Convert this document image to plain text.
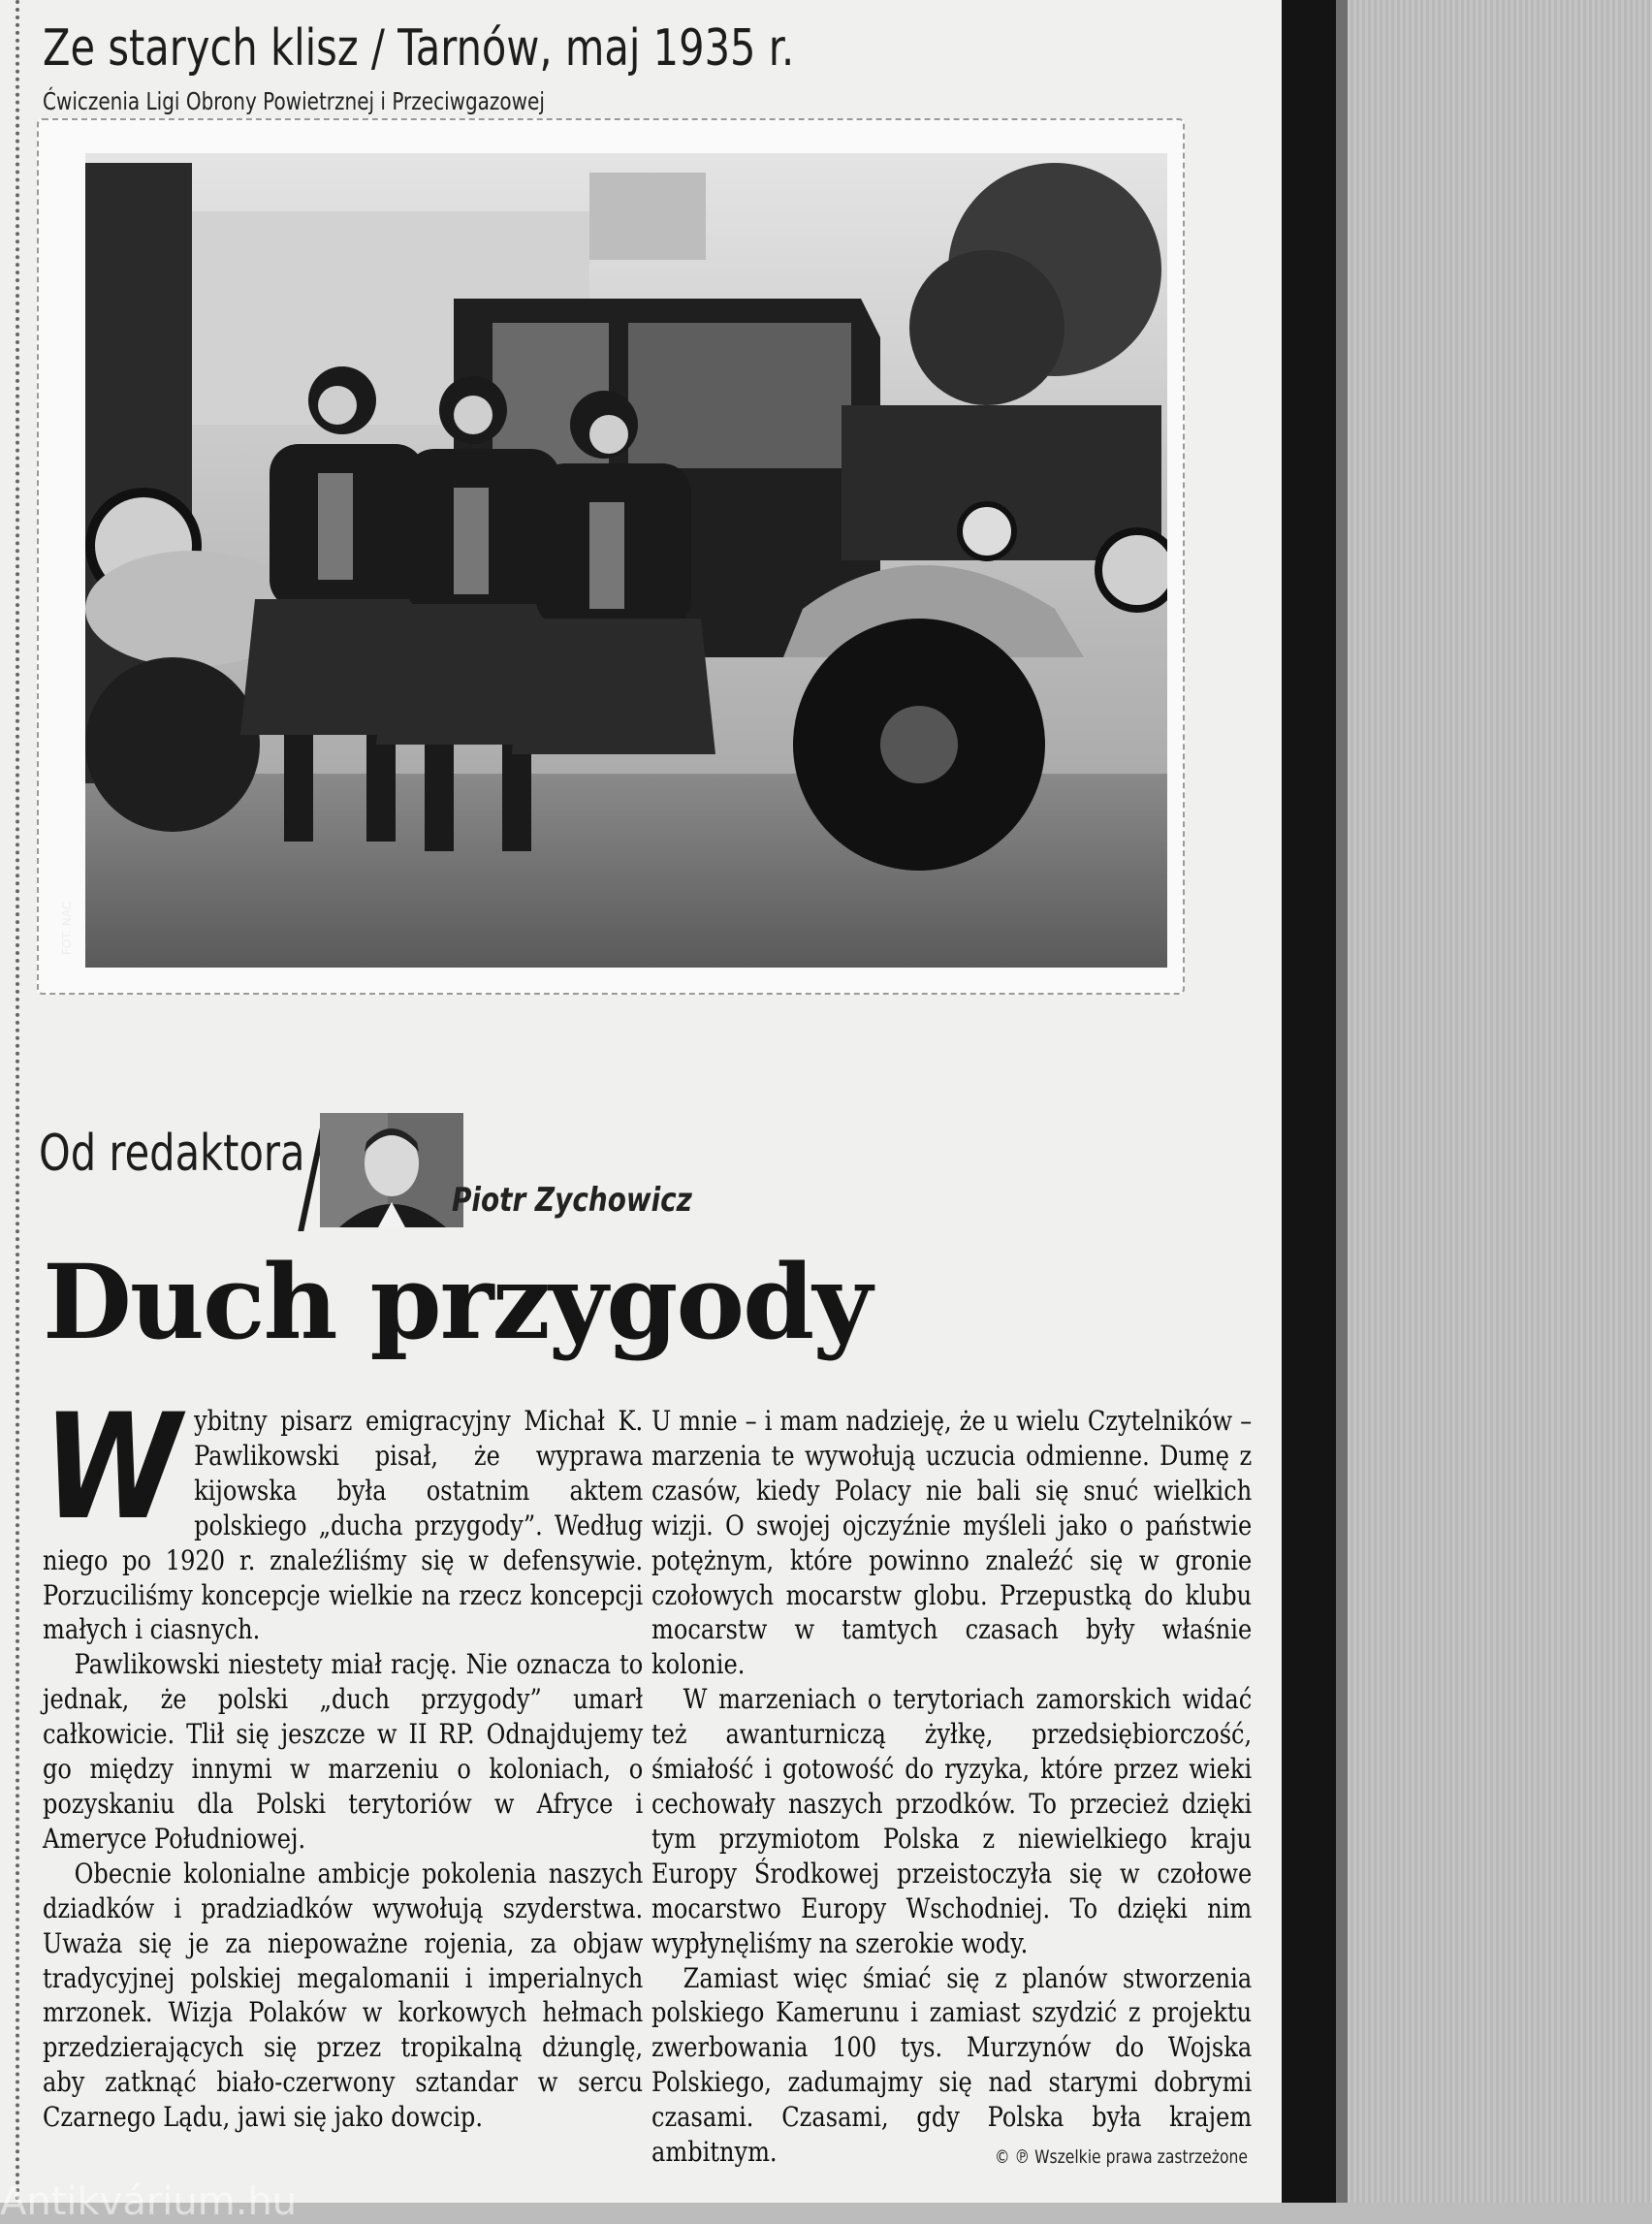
Ze starych klisz / Tarnów, maj 1935 r.
Ćwiczenia Ligi Obrony Powietrznej i Przeciwgazowej
FOT. NAC
Od redaktora
Piotr Zychowicz
Duch przygody

Wybitny pisarz emigracyjny Michał K. Pawlikowski pisał, że wyprawa kijowska była ostatnim aktem polskiego „ducha przygody”. Według niego po 1920 r. znaleźliśmy się w defensywie. Porzuciliśmy koncepcje wielkie na rzecz koncepcji małych i ciasnych.

Pawlikowski niestety miał rację. Nie oznacza to jednak, że polski „duch przygody” umarł całkowicie. Tlił się jeszcze w II RP. Odnajdujemy go między innymi w marzeniu o koloniach, o pozyskaniu dla Polski terytoriów w Afryce i Ameryce Południowej.

Obecnie kolonialne ambicje pokolenia naszych dziadków i pradziadków wywołują szyderstwa. Uważa się je za niepoważne rojenia, za objaw tradycyjnej polskiej megalomanii i imperialnych mrzonek. Wizja Polaków w korkowych hełmach przedzierających się przez tropikalną dżunglę, aby zatknąć biało-czerwony sztandar w sercu Czarnego Lądu, jawi się jako dowcip.

U mnie – i mam nadzieję, że u wielu Czytelników – marzenia te wywołują uczucia odmienne. Dumę z czasów, kiedy Polacy nie bali się snuć wielkich wizji. O swojej ojczyźnie myśleli jako o państwie potężnym, które powinno znaleźć się w gronie czołowych mocarstw globu. Przepustką do klubu mocarstw w tamtych czasach były właśnie kolonie.

W marzeniach o terytoriach zamorskich widać też awanturniczą żyłkę, przedsiębiorczość, śmiałość i gotowość do ryzyka, które przez wieki cechowały naszych przodków. To przecież dzięki tym przymiotom Polska z niewielkiego kraju Europy Środkowej przeistoczyła się w czołowe mocarstwo Europy Wschodniej. To dzięki nim wypłynęliśmy na szerokie wody.

Zamiast więc śmiać się z planów stworzenia polskiego Kamerunu i zamiast szydzić z projektu zwerbowania 100 tys. Murzynów do Wojska Polskiego, zadumajmy się nad starymi dobrymi czasami. Czasami, gdy Polska była krajem ambitnym.	© ℗ Wszelkie prawa zastrzeżone
Antikvárium.hu
